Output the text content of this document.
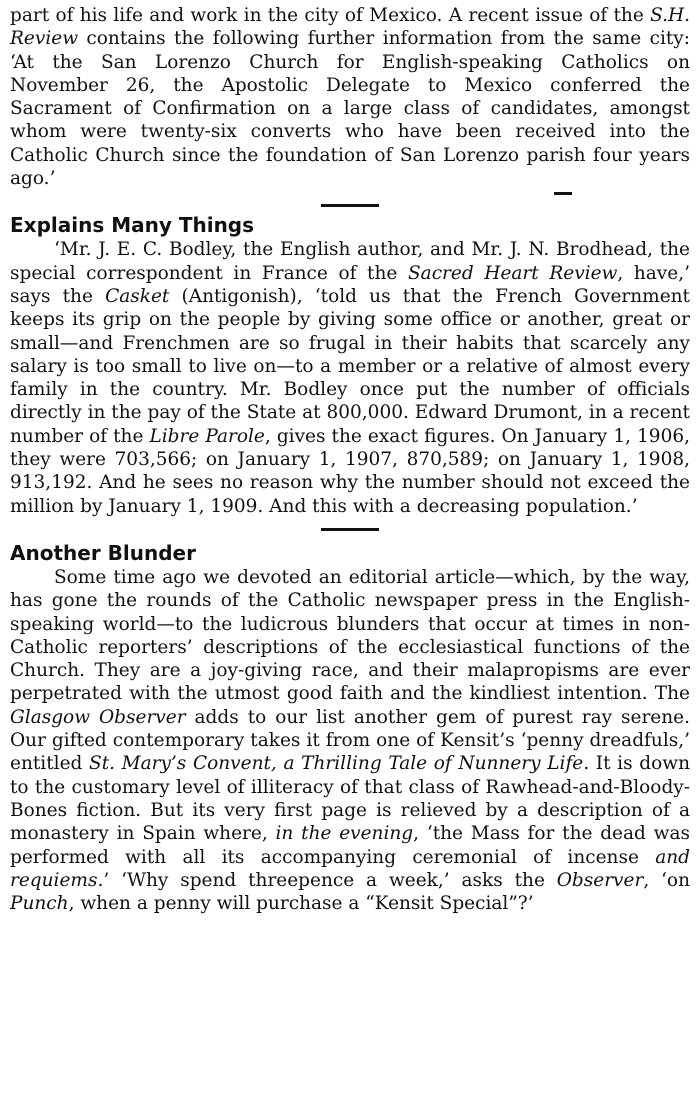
part of his life and work in the city of Mexico. A recent issue of the S.H. Review contains the following further information from the same city: ‘At the San Lorenzo Church for English-speaking Catholics on November 26, the Apostolic Delegate to Mexico conferred the Sacrament of Confirmation on a large class of candidates, amongst whom were twenty-six converts who have been received into the Catholic Church since the foundation of San Lorenzo parish four years ago.’

Explains Many Things

‘Mr. J. E. C. Bodley, the English author, and Mr. J. N. Brodhead, the special correspondent in France of the Sacred Heart Review, have,’ says the Casket (Antigonish), ‘told us that the French Government keeps its grip on the people by giving some office or another, great or small—and Frenchmen are so frugal in their habits that scarcely any salary is too small to live on—to a member or a relative of almost every family in the country. Mr. Bodley once put the number of officials directly in the pay of the State at 800,000. Edward Drumont, in a recent number of the Libre Parole, gives the exact figures. On January 1, 1906, they were 703,566; on January 1, 1907, 870,589; on January 1, 1908, 913,192. And he sees no reason why the number should not exceed the million by January 1, 1909. And this with a decreasing population.’

Another Blunder

Some time ago we devoted an editorial article—which, by the way, has gone the rounds of the Catholic newspaper press in the English-speaking world—to the ludicrous blunders that occur at times in non-Catholic reporters’ descriptions of the ecclesiastical functions of the Church. They are a joy-giving race, and their malapropisms are ever perpetrated with the utmost good faith and the kindliest intention. The Glasgow Observer adds to our list another gem of purest ray serene. Our gifted contemporary takes it from one of Kensit’s ‘penny dreadfuls,’ entitled St. Mary’s Convent, a Thrilling Tale of Nunnery Life. It is down to the customary level of illiteracy of that class of Rawhead-and-Bloody-Bones fiction. But its very first page is relieved by a description of a monastery in Spain where, in the evening, ‘the Mass for the dead was performed with all its accompanying ceremonial of incense and requiems.’ ‘Why spend threepence a week,’ asks the Observer, ‘on Punch, when a penny will purchase a “Kensit Special”?’
